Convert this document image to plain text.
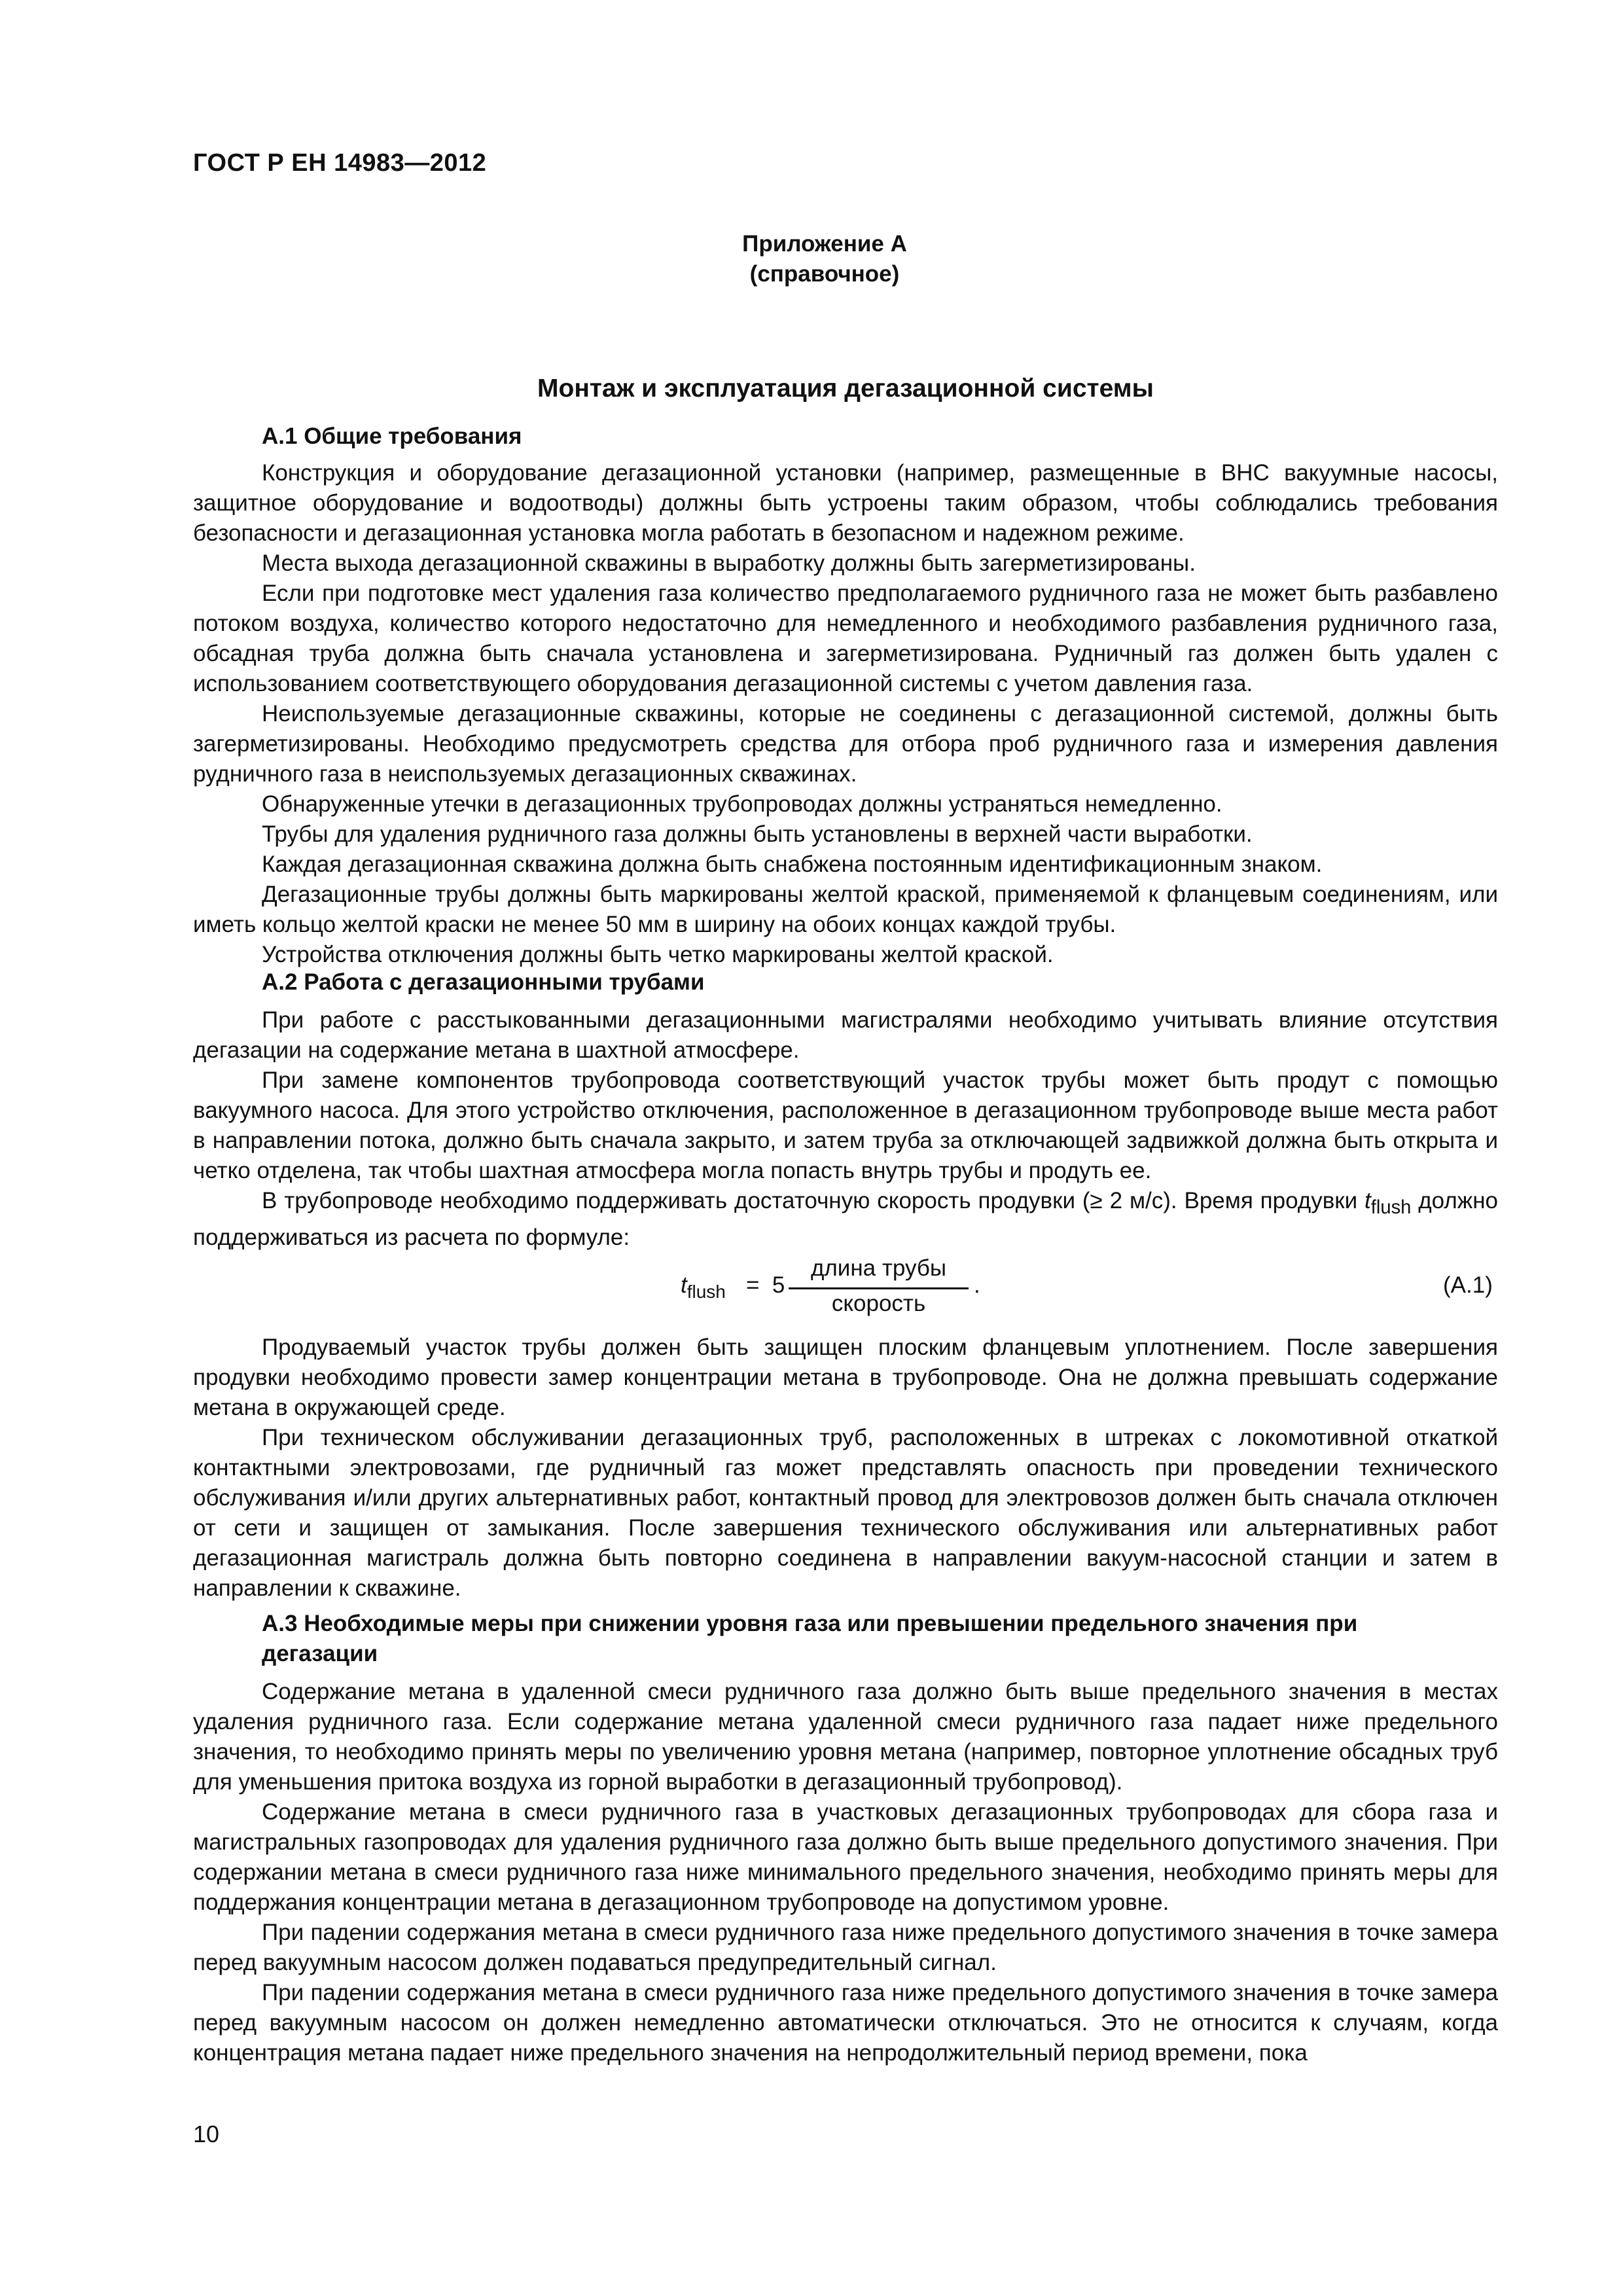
ГОСТ Р ЕН 14983—2012
Приложение А
(справочное)
Монтаж и эксплуатация дегазационной системы
А.1 Общие требования

Конструкция и оборудование дегазационной установки (например, размещенные в ВНС вакуумные насосы, защитное оборудование и водоотводы) должны быть устроены таким образом, чтобы соблюдались требования безопасности и дегазационная установка могла работать в безопасном и надежном режиме.

Места выхода дегазационной скважины в выработку должны быть загерметизированы.

Если при подготовке мест удаления газа количество предполагаемого рудничного газа не может быть разбавлено потоком воздуха, количество которого недостаточно для немедленного и необходимого разбавления рудничного газа, обсадная труба должна быть сначала установлена и загерметизирована. Рудничный газ должен быть удален с использованием соответствующего оборудования дегазационной системы с учетом давления газа.

Неиспользуемые дегазационные скважины, которые не соединены с дегазационной системой, должны быть загерметизированы. Необходимо предусмотреть средства для отбора проб рудничного газа и измерения давления рудничного газа в неиспользуемых дегазационных скважинах.

Обнаруженные утечки в дегазационных трубопроводах должны устраняться немедленно.

Трубы для удаления рудничного газа должны быть установлены в верхней части выработки.

Каждая дегазационная скважина должна быть снабжена постоянным идентификационным знаком.

Дегазационные трубы должны быть маркированы желтой краской, применяемой к фланцевым соединениям, или иметь кольцо желтой краски не менее 50 мм в ширину на обоих концах каждой трубы.

Устройства отключения должны быть четко маркированы желтой краской.

А.2 Работа с дегазационными трубами

При работе с расстыкованными дегазационными магистралями необходимо учитывать влияние отсутствия дегазации на содержание метана в шахтной атмосфере.

При замене компонентов трубопровода соответствующий участок трубы может быть продут с помощью вакуумного насоса. Для этого устройство отключения, расположенное в дегазационном трубопроводе выше места работ в направлении потока, должно быть сначала закрыто, и затем труба за отключающей задвижкой должна быть открыта и четко отделена, так чтобы шахтная атмосфера могла попасть внутрь трубы и продуть ее.

В трубопроводе необходимо поддерживать достаточную скорость продувки (≥ 2 м/с). Время продувки $t_{flush}$ должно поддерживаться из расчета по формуле:

$t_{flush} = 5$
длина трубы
скорость
.	(А.1)

Продуваемый участок трубы должен быть защищен плоским фланцевым уплотнением. После завершения продувки необходимо провести замер концентрации метана в трубопроводе. Она не должна превышать содержание метана в окружающей среде.

При техническом обслуживании дегазационных труб, расположенных в штреках с локомотивной откаткой контактными электровозами, где рудничный газ может представлять опасность при проведении технического обслуживания и/или других альтернативных работ, контактный провод для электровозов должен быть сначала отключен от сети и защищен от замыкания. После завершения технического обслуживания или альтернативных работ дегазационная магистраль должна быть повторно соединена в направлении вакуум-насосной станции и затем в направлении к скважине.

А.3 Необходимые меры при снижении уровня газа или превышении предельного значения при дегазации

Содержание метана в удаленной смеси рудничного газа должно быть выше предельного значения в местах удаления рудничного газа. Если содержание метана удаленной смеси рудничного газа падает ниже предельного значения, то необходимо принять меры по увеличению уровня метана (например, повторное уплотнение обсадных труб для уменьшения притока воздуха из горной выработки в дегазационный трубопровод).

Содержание метана в смеси рудничного газа в участковых дегазационных трубопроводах для сбора газа и магистральных газопроводах для удаления рудничного газа должно быть выше предельного допустимого значения. При содержании метана в смеси рудничного газа ниже минимального предельного значения, необходимо принять меры для поддержания концентрации метана в дегазационном трубопроводе на допустимом уровне.

При падении содержания метана в смеси рудничного газа ниже предельного допустимого значения в точке замера перед вакуумным насосом должен подаваться предупредительный сигнал.

При падении содержания метана в смеси рудничного газа ниже предельного допустимого значения в точке замера перед вакуумным насосом он должен немедленно автоматически отключаться. Это не относится к случаям, когда концентрация метана падает ниже предельного значения на непродолжительный период времени, пока

10
